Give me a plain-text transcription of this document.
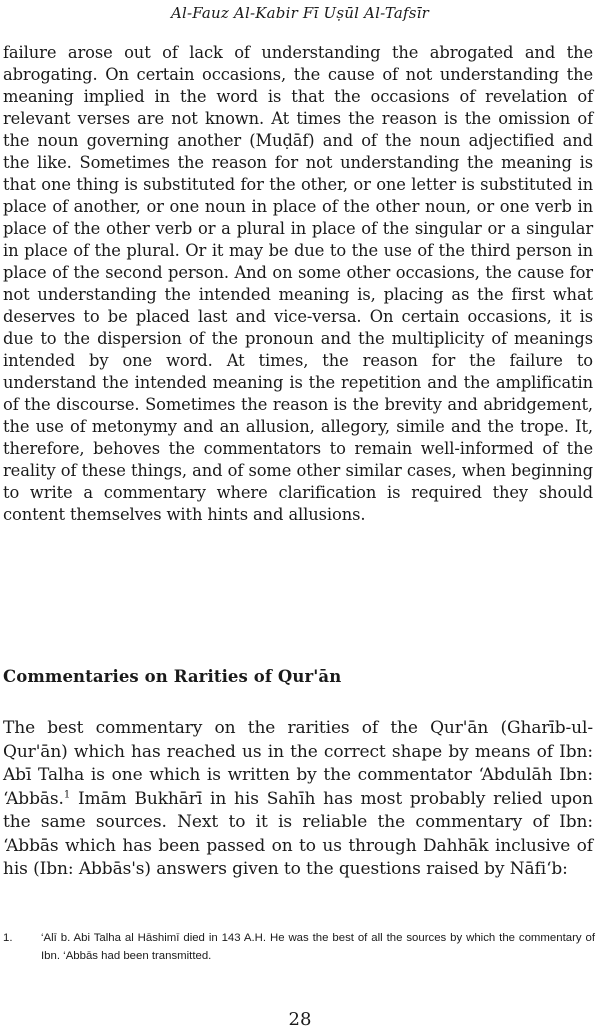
Al-Fauz Al-Kabir Fī Uṣūl Al-Tafsīr

failure arose out of lack of understanding the abrogated and the abrogating. On certain occasions, the cause of not understanding the meaning implied in the word is that the occasions of revelation of relevant verses are not known. At times the reason is the omission of the noun governing another (Muḍāf) and of the noun adjectified and the like. Sometimes the reason for not understanding the meaning is that one thing is substituted for the other, or one letter is substituted in place of another, or one noun in place of the other noun, or one verb in place of the other verb or a plural in place of the singular or a singular in place of the plural. Or it may be due to the use of the third person in place of the second person. And on some other occasions, the cause for not understanding the intended meaning is, placing as the first what deserves to be placed last and vice-versa. On certain occasions, it is due to the dispersion of the pronoun and the multiplicity of meanings intended by one word. At times, the reason for the failure to understand the intended meaning is the repetition and the amplificatin of the discourse. Sometimes the reason is the brevity and abridgement, the use of metonymy and an allusion, allegory, simile and the trope. It, therefore, behoves the commentators to remain well-informed of the reality of these things, and of some other similar cases, when beginning to write a commentary where clarification is required they should content themselves with hints and allusions.

Commentaries on Rarities of Qur'ān

The best commentary on the rarities of the Qur'ān (Gharīb-ul-Qur'ān) which has reached us in the correct shape by means of Ibn: Abī Talha is one which is written by the commentator ‘Abdulāh Ibn: ‘Abbās.$^1$ Imām Bukhārī in his Sahīh has most probably relied upon the same sources. Next to it is reliable the commentary of Ibn: ‘Abbās which has been passed on to us through Dahhāk inclusive of his (Ibn: Abbās's) answers given to the questions raised by Nāfi‘b:

1.	‘Alī b. Abi Talha al Hāshimī died in 143 A.H. He was the best of all the sources by which the commentary of Ibn. ‘Abbās had been transmitted.
28
